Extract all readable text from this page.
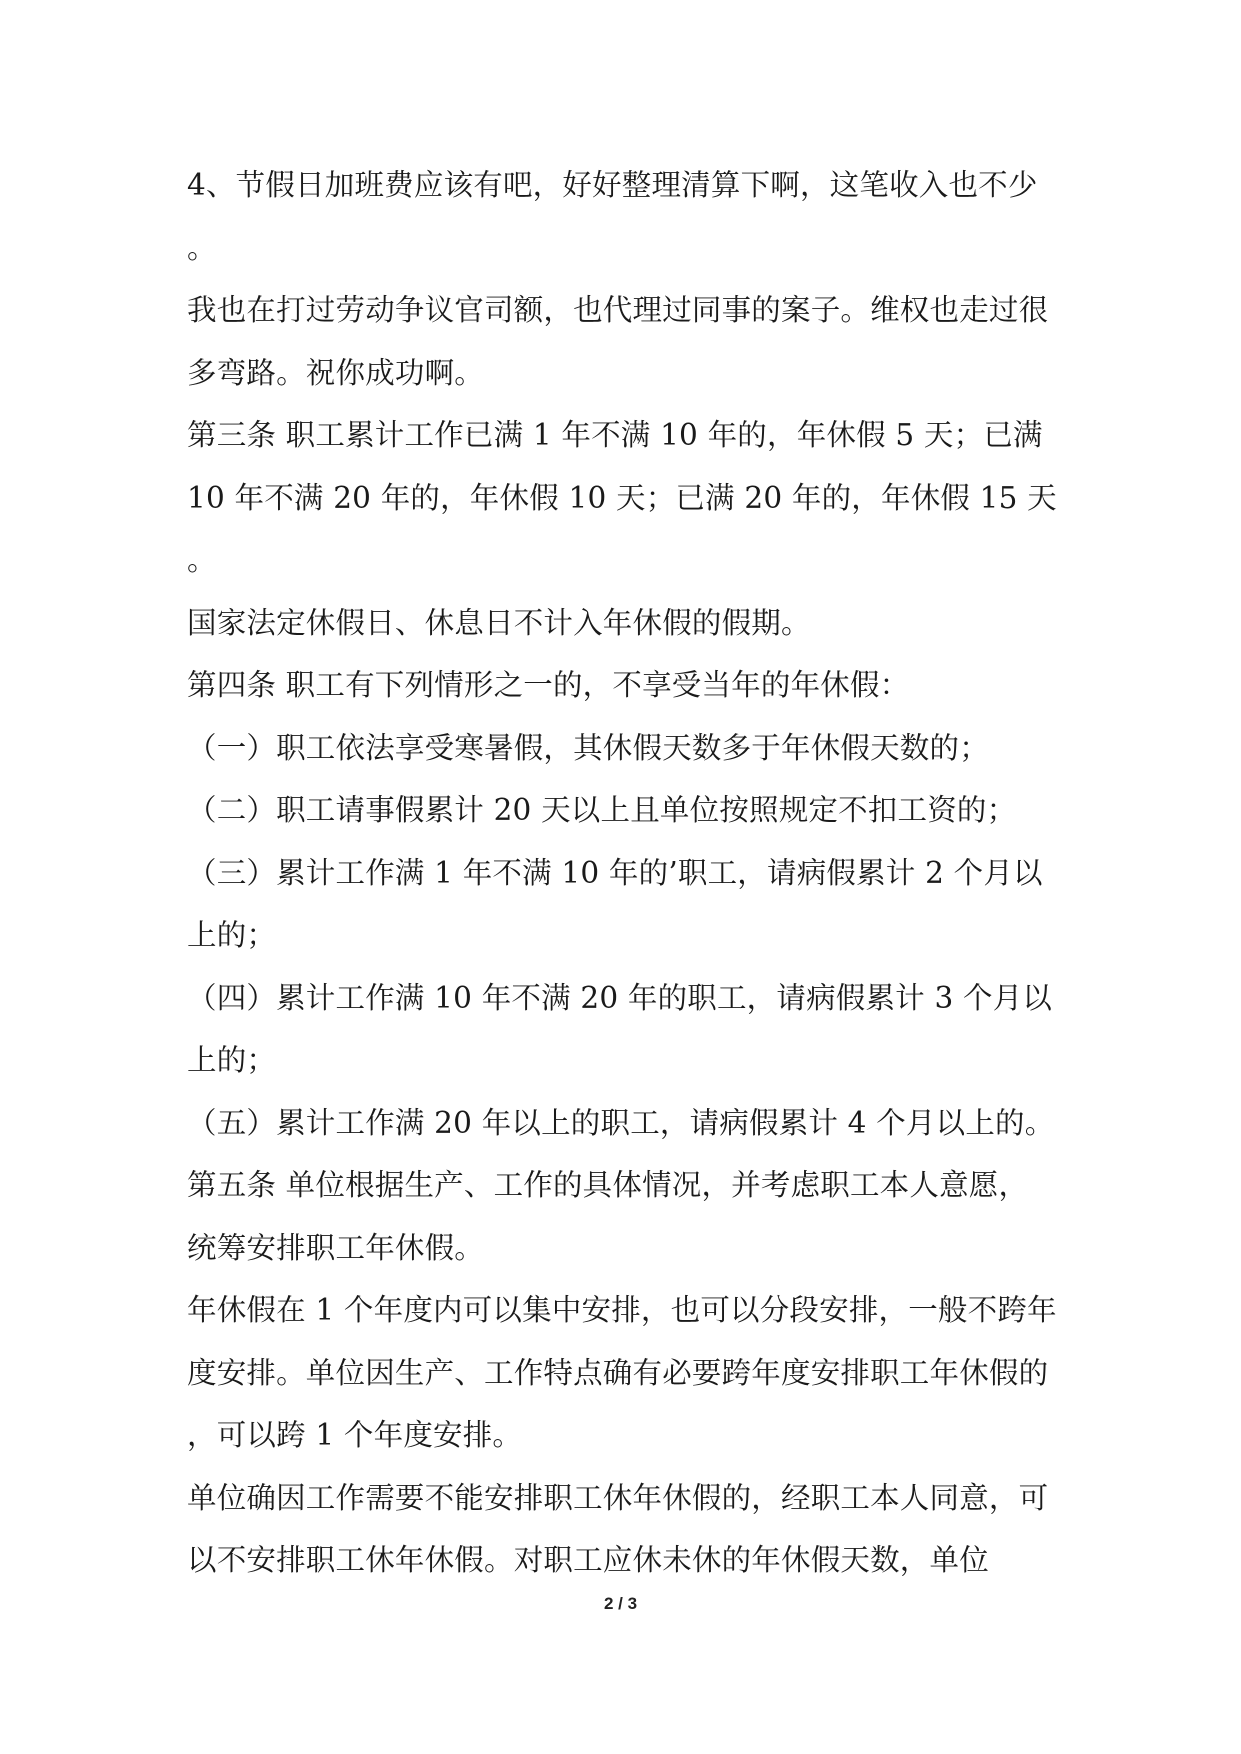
4、节假日加班费应该有吧，好好整理清算下啊，这笔收入也不少。

我也在打过劳动争议官司额，也代理过同事的案子。维权也走过很多弯路。祝你成功啊。

第三条 职工累计工作已满 1 年不满 10 年的，年休假 5 天；已满 10 年不满 20 年的，年休假 10 天；已满 20 年的，年休假 15 天。

国家法定休假日、休息日不计入年休假的假期。

第四条 职工有下列情形之一的，不享受当年的年休假：

（一）职工依法享受寒暑假，其休假天数多于年休假天数的；

（二）职工请事假累计 20 天以上且单位按照规定不扣工资的；

（三）累计工作满 1 年不满 10 年的’职工，请病假累计 2 个月以上的；

（四）累计工作满 10 年不满 20 年的职工，请病假累计 3 个月以上的；

（五）累计工作满 20 年以上的职工，请病假累计 4 个月以上的。

第五条 单位根据生产、工作的具体情况，并考虑职工本人意愿，统筹安排职工年休假。

年休假在 1 个年度内可以集中安排，也可以分段安排，一般不跨年度安排。单位因生产、工作特点确有必要跨年度安排职工年休假的，可以跨 1 个年度安排。

单位确因工作需要不能安排职工休年休假的，经职工本人同意，可以不安排职工休年休假。对职工应休未休的年休假天数，单位

2 / 3
